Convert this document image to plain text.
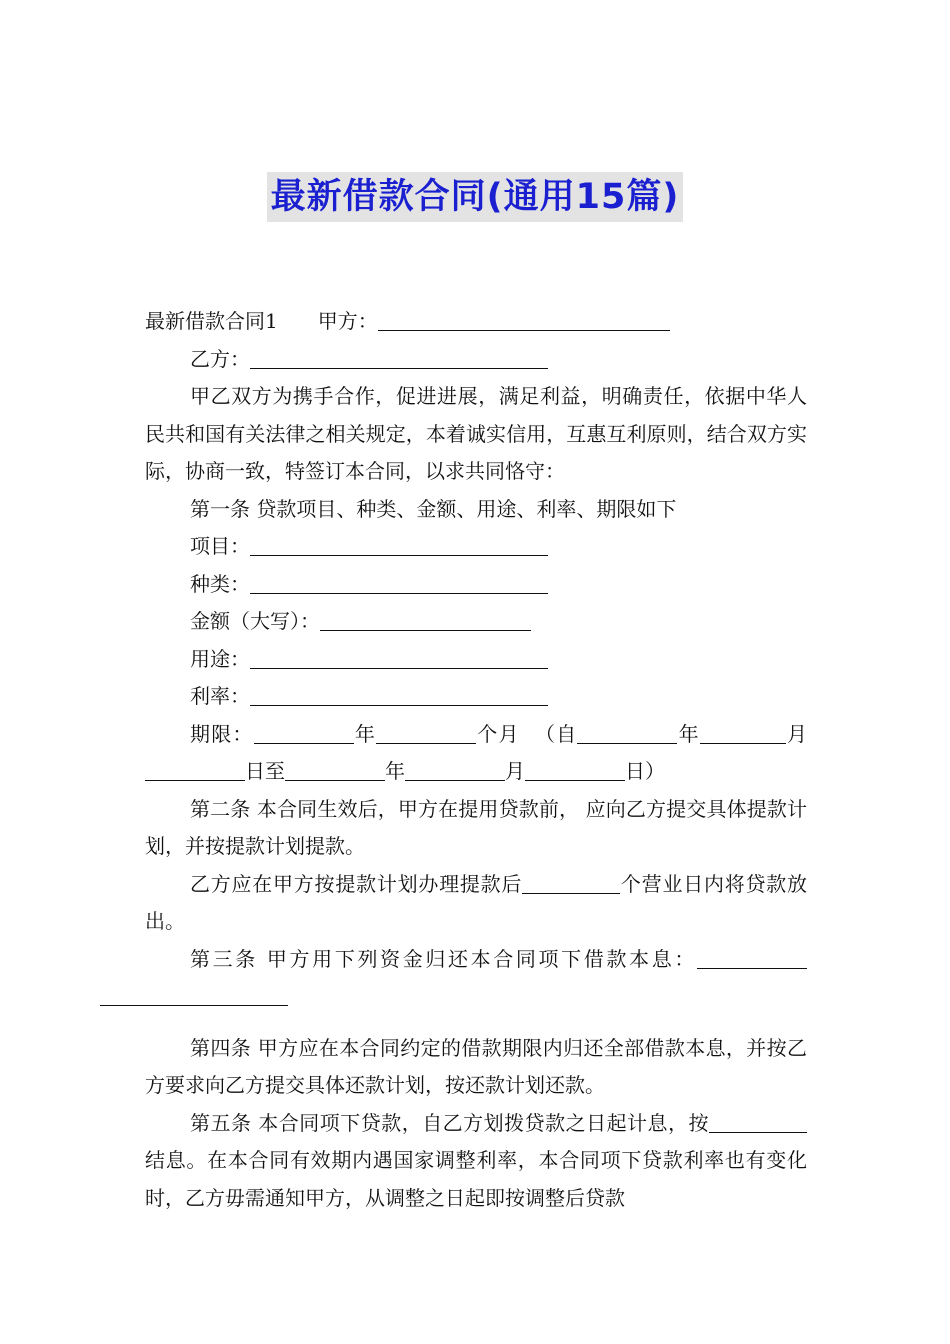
最新借款合同(通用15篇)

最新借款合同1 甲方：

乙方：

甲乙双方为携手合作，促进进展，满足利益，明确责任，依据中华人民共和国有关法律之相关规定，本着诚实信用，互惠互利原则，结合双方实际，协商一致，特签订本合同，以求共同恪守：

第一条 贷款项目、种类、金额、用途、利率、期限如下

项目：

种类：

金额（大写）：

用途：

利率：

期限：	年	个月 （自	年	月日至	年	月	日）

第二条 本合同生效后，甲方在提用贷款前， 应向乙方提交具体提款计划，并按提款计划提款。

乙方应在甲方按提款计划办理提款后	个营业日内将贷款放出。

第三条 甲方用下列资金归还本合同项下借款本息：

第四条 甲方应在本合同约定的借款期限内归还全部借款本息，并按乙方要求向乙方提交具体还款计划，按还款计划还款。

第五条 本合同项下贷款，自乙方划拨贷款之日起计息，按结息。在本合同有效期内遇国家调整利率，本合同项下贷款利率也有变化时，乙方毋需通知甲方，从调整之日起即按调整后贷款
